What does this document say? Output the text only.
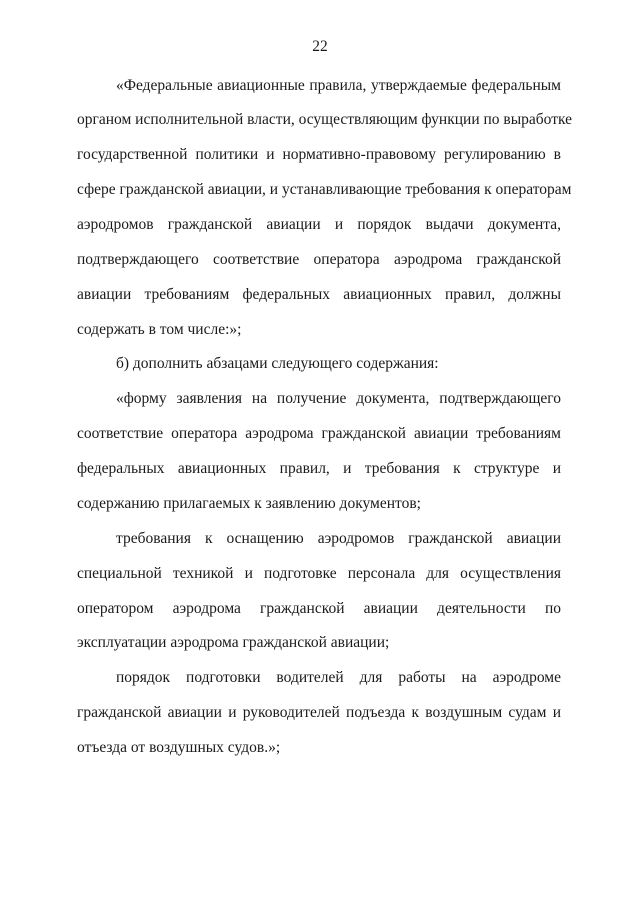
22
«Федеральные авиационные правила, утверждаемые федеральным
органом исполнительной власти, осуществляющим функции по выработке
государственной политики и нормативно-правовому регулированию в
сфере гражданской авиации, и устанавливающие требования к операторам
аэродромов гражданской авиации и порядок выдачи документа,
подтверждающего соответствие оператора аэродрома гражданской
авиации требованиям федеральных авиационных правил, должны
содержать в том числе:»;
б) дополнить абзацами следующего содержания:
«форму заявления на получение документа, подтверждающего
соответствие оператора аэродрома гражданской авиации требованиям
федеральных авиационных правил, и требования к структуре и
содержанию прилагаемых к заявлению документов;
требования к оснащению аэродромов гражданской авиации
специальной техникой и подготовке персонала для осуществления
оператором аэродрома гражданской авиации деятельности по
эксплуатации аэродрома гражданской авиации;
порядок подготовки водителей для работы на аэродроме
гражданской авиации и руководителей подъезда к воздушным судам и
отъезда от воздушных судов.»;
